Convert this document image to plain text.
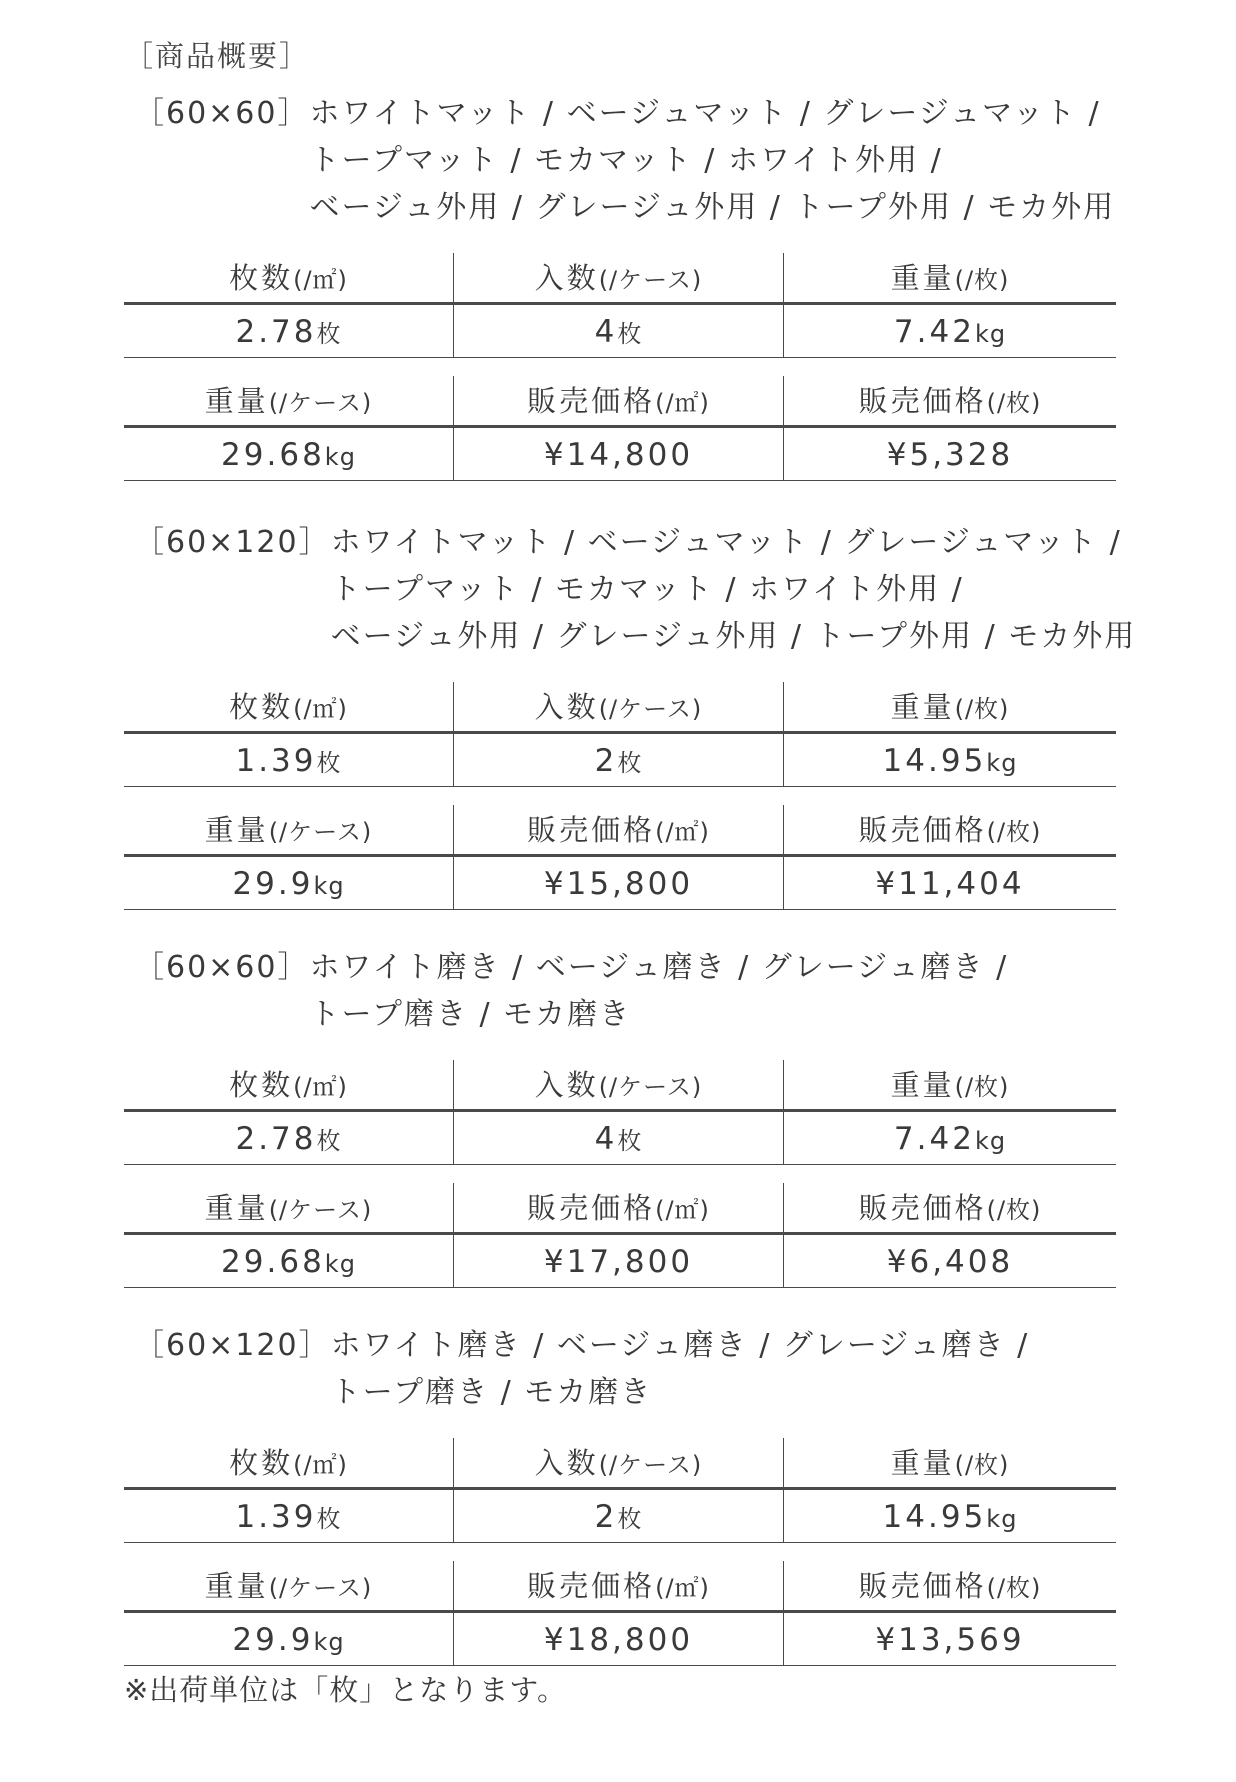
［商品概要］
［60×60］ ホワイトマット / ベージュマット / グレージュマット /
トープマット / モカマット / ホワイト外用 /
ベージュ外用 / グレージュ外用 / トープ外用 / モカ外用
枚数(/㎡)	入数(/ケース)	重量(/枚)
2.78枚	4枚	7.42kg
重量(/ケース)	販売価格(/㎡)	販売価格(/枚)
29.68kg	¥14,800	¥5,328
［60×120］ ホワイトマット / ベージュマット / グレージュマット /
トープマット / モカマット / ホワイト外用 /
ベージュ外用 / グレージュ外用 / トープ外用 / モカ外用
枚数(/㎡)	入数(/ケース)	重量(/枚)
1.39枚	2枚	14.95kg
重量(/ケース)	販売価格(/㎡)	販売価格(/枚)
29.9kg	¥15,800	¥11,404
［60×60］ ホワイト磨き / ベージュ磨き / グレージュ磨き /
トープ磨き / モカ磨き
枚数(/㎡)	入数(/ケース)	重量(/枚)
2.78枚	4枚	7.42kg
重量(/ケース)	販売価格(/㎡)	販売価格(/枚)
29.68kg	¥17,800	¥6,408
［60×120］ ホワイト磨き / ベージュ磨き / グレージュ磨き /
トープ磨き / モカ磨き
枚数(/㎡)	入数(/ケース)	重量(/枚)
1.39枚	2枚	14.95kg
重量(/ケース)	販売価格(/㎡)	販売価格(/枚)
29.9kg	¥18,800	¥13,569
※出荷単位は「枚」となります。
